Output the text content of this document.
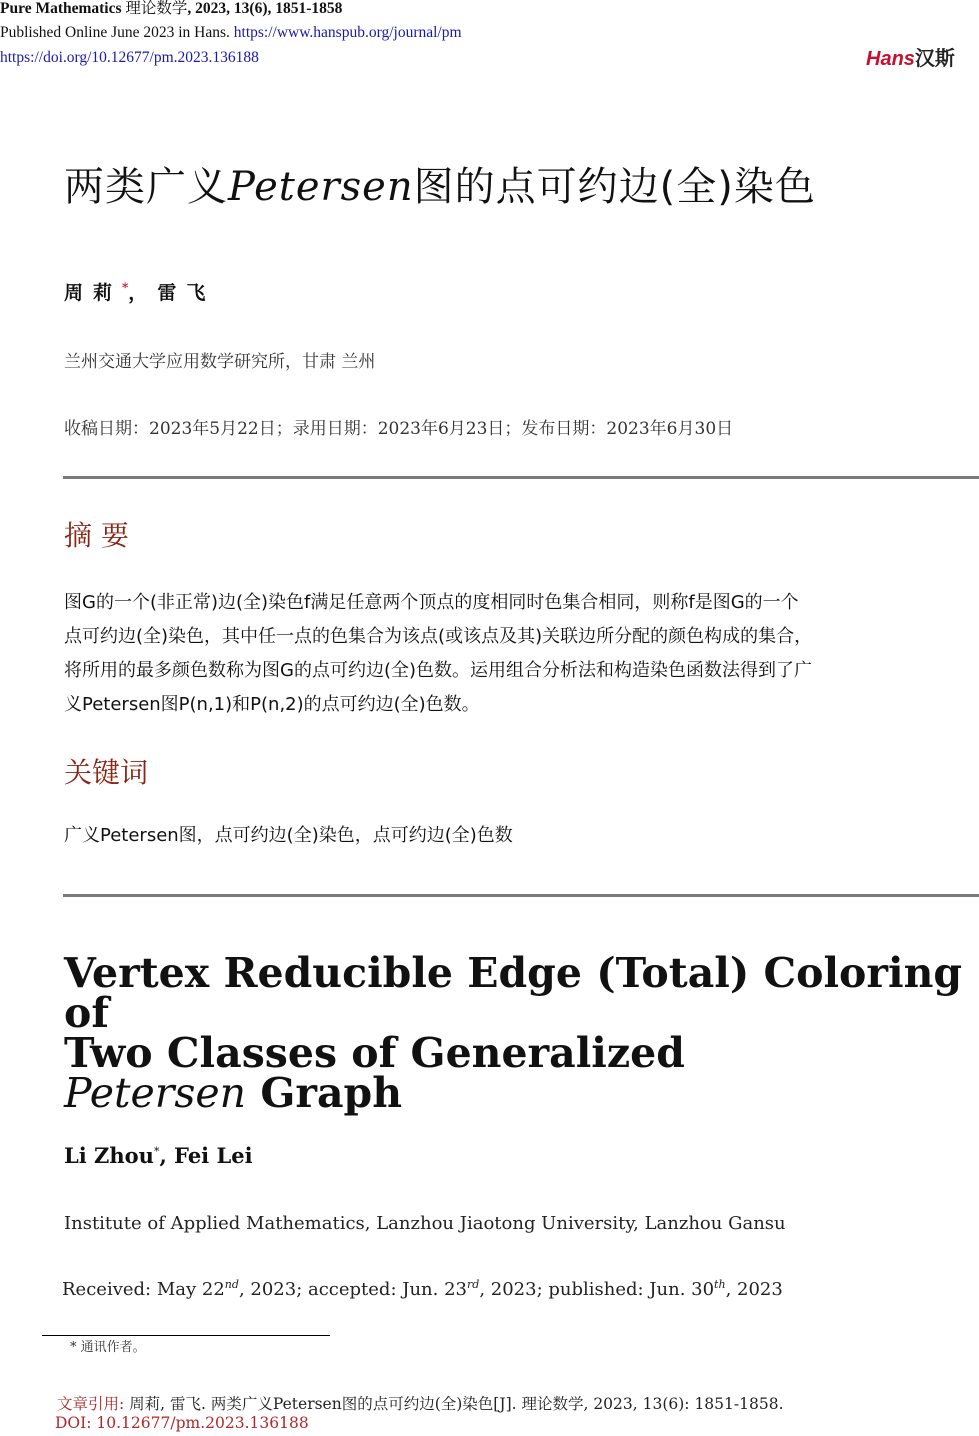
Pure Mathematics 理论数学, 2023, 13(6), 1851-1858
Published Online June 2023 in Hans. https://www.hanspub.org/journal/pm
https://doi.org/10.12677/pm.2023.136188	Hans汉斯
两类广义Petersen图的点可约边(全)染色
周莉*，雷飞
兰州交通大学应用数学研究所，甘肃 兰州
收稿日期：2023年5月22日；录用日期：2023年6月23日；发布日期：2023年6月30日
摘 要
图G的一个(非正常)边(全)染色f满足任意两个顶点的度相同时色集合相同，则称f是图G的一个
点可约边(全)染色，其中任一点的色集合为该点(或该点及其)关联边所分配的颜色构成的集合，
将所用的最多颜色数称为图G的点可约边(全)色数。运用组合分析法和构造染色函数法得到了广
义Petersen图P(n,1)和P(n,2)的点可约边(全)色数。
关键词
广义Petersen图，点可约边(全)染色，点可约边(全)色数
Vertex Reducible Edge (Total) Coloring of
Two Classes of Generalized
Petersen Graph
Li Zhou*, Fei Lei
Institute of Applied Mathematics, Lanzhou Jiaotong University, Lanzhou Gansu
Received: May 22nd, 2023; accepted: Jun. 23rd, 2023; published: Jun. 30th, 2023
* 通讯作者。
文章引用: 周莉, 雷飞. 两类广义Petersen图的点可约边(全)染色[J]. 理论数学, 2023, 13(6): 1851-1858.
DOI: 10.12677/pm.2023.136188
